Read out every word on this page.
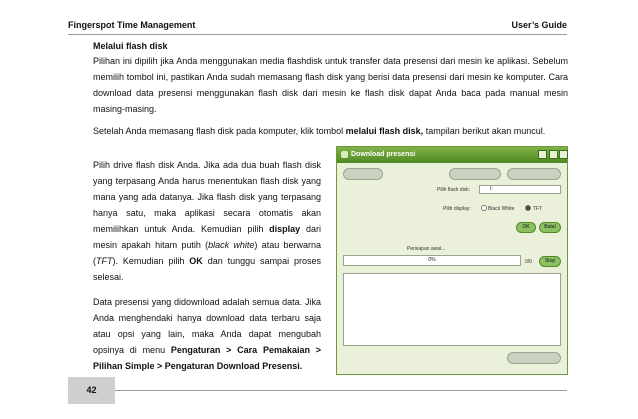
Fingerspot Time Management	User’s Guide
Melalui flash disk
Pilihan ini dipilih jika Anda menggunakan media flashdisk untuk transfer data presensi dari mesin ke aplikasi. Sebelum memilih tombol ini, pastikan Anda sudah memasang flash disk yang berisi data presensi dari mesin ke komputer. Cara download data presensi menggunakan flash disk dari mesin ke flash disk dapat Anda baca pada manual mesin masing-masing.
Setelah Anda memasang flash disk pada komputer, klik tombol melalui flash disk, tampilan berikut akan muncul.
Pilih drive flash disk Anda. Jika ada dua buah flash disk yang terpasang Anda harus menentukan flash disk yang mana yang ada datanya. Jika flash disk yang terpasang hanya satu, maka aplikasi secara otomatis akan memilihkan untuk Anda. Kemudian pilih display dari mesin apakah hitam putih (black white) atau berwarna (TFT). Kemudian pilih OK dan tunggu sampai proses selesai.
Data presensi yang didownload adalah semua data. Jika Anda menghendaki hanya download data terbaru saja atau opsi yang lain, maka Anda dapat mengubah opsinya di menu Pengaturan > Cara Pemakaian > Pilihan Simple > Pengaturan Download Presensi.
Download presensi
Pilih flash disk:	I:
Pilih display:	Black White	TFT
OK	Batal
Persiapan awal...
0%	0/0	Stop
42
